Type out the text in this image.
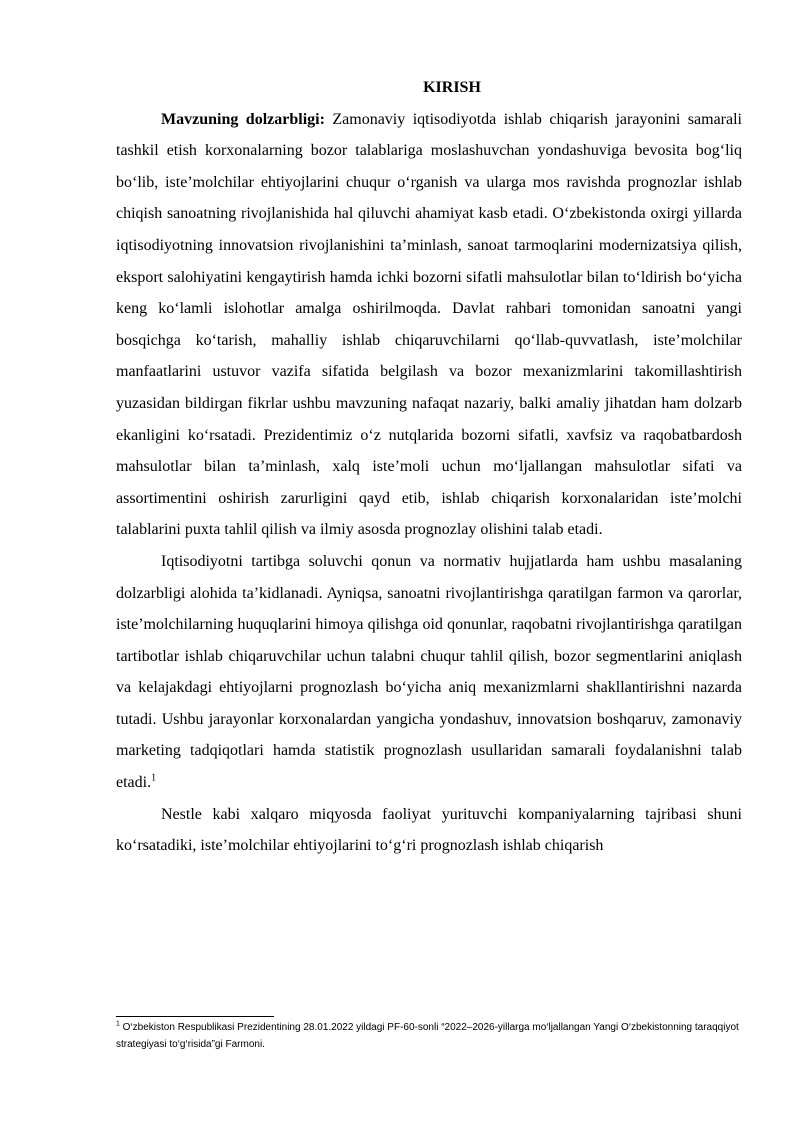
KIRISH

Mavzuning dolzarbligi: Zamonaviy iqtisodiyotda ishlab chiqarish jarayonini samarali tashkil etish korxonalarning bozor talablariga moslashuvchan yondashuviga bevosita bog‘liq bo‘lib, iste’molchilar ehtiyojlarini chuqur o‘rganish va ularga mos ravishda prognozlar ishlab chiqish sanoatning rivojlanishida hal qiluvchi ahamiyat kasb etadi. O‘zbekistonda oxirgi yillarda iqtisodiyotning innovatsion rivojlanishini ta’minlash, sanoat tarmoqlarini modernizatsiya qilish, eksport salohiyatini kengaytirish hamda ichki bozorni sifatli mahsulotlar bilan to‘ldirish bo‘yicha keng ko‘lamli islohotlar amalga oshirilmoqda. Davlat rahbari tomonidan sanoatni yangi bosqichga ko‘tarish, mahalliy ishlab chiqaruvchilarni qo‘llab-quvvatlash, iste’molchilar manfaatlarini ustuvor vazifa sifatida belgilash va bozor mexanizmlarini takomillashtirish yuzasidan bildirgan fikrlar ushbu mavzuning nafaqat nazariy, balki amaliy jihatdan ham dolzarb ekanligini ko‘rsatadi. Prezidentimiz o‘z nutqlarida bozorni sifatli, xavfsiz va raqobatbardosh mahsulotlar bilan ta’minlash, xalq iste’moli uchun mo‘ljallangan mahsulotlar sifati va assortimentini oshirish zarurligini qayd etib, ishlab chiqarish korxonalaridan iste’molchi talablarini puxta tahlil qilish va ilmiy asosda prognozlay olishini talab etadi.

Iqtisodiyotni tartibga soluvchi qonun va normativ hujjatlarda ham ushbu masalaning dolzarbligi alohida ta’kidlanadi. Ayniqsa, sanoatni rivojlantirishga qaratilgan farmon va qarorlar, iste’molchilarning huquqlarini himoya qilishga oid qonunlar, raqobatni rivojlantirishga qaratilgan tartibotlar ishlab chiqaruvchilar uchun talabni chuqur tahlil qilish, bozor segmentlarini aniqlash va kelajakdagi ehtiyojlarni prognozlash bo‘yicha aniq mexanizmlarni shakllantirishni nazarda tutadi. Ushbu jarayonlar korxonalardan yangicha yondashuv, innovatsion boshqaruv, zamonaviy marketing tadqiqotlari hamda statistik prognozlash usullaridan samarali foydalanishni talab etadi.$^1$

Nestle kabi xalqaro miqyosda faoliyat yurituvchi kompaniyalarning tajribasi shuni ko‘rsatadiki, iste’molchilar ehtiyojlarini to‘g‘ri prognozlash ishlab chiqarish

$^1$ O‘zbekiston Respublikasi Prezidentining 28.01.2022 yildagi PF-60-sonli “2022–2026-yillarga mo‘ljallangan Yangi O‘zbekistonning taraqqiyot strategiyasi to‘g‘risida”gi Farmoni.
